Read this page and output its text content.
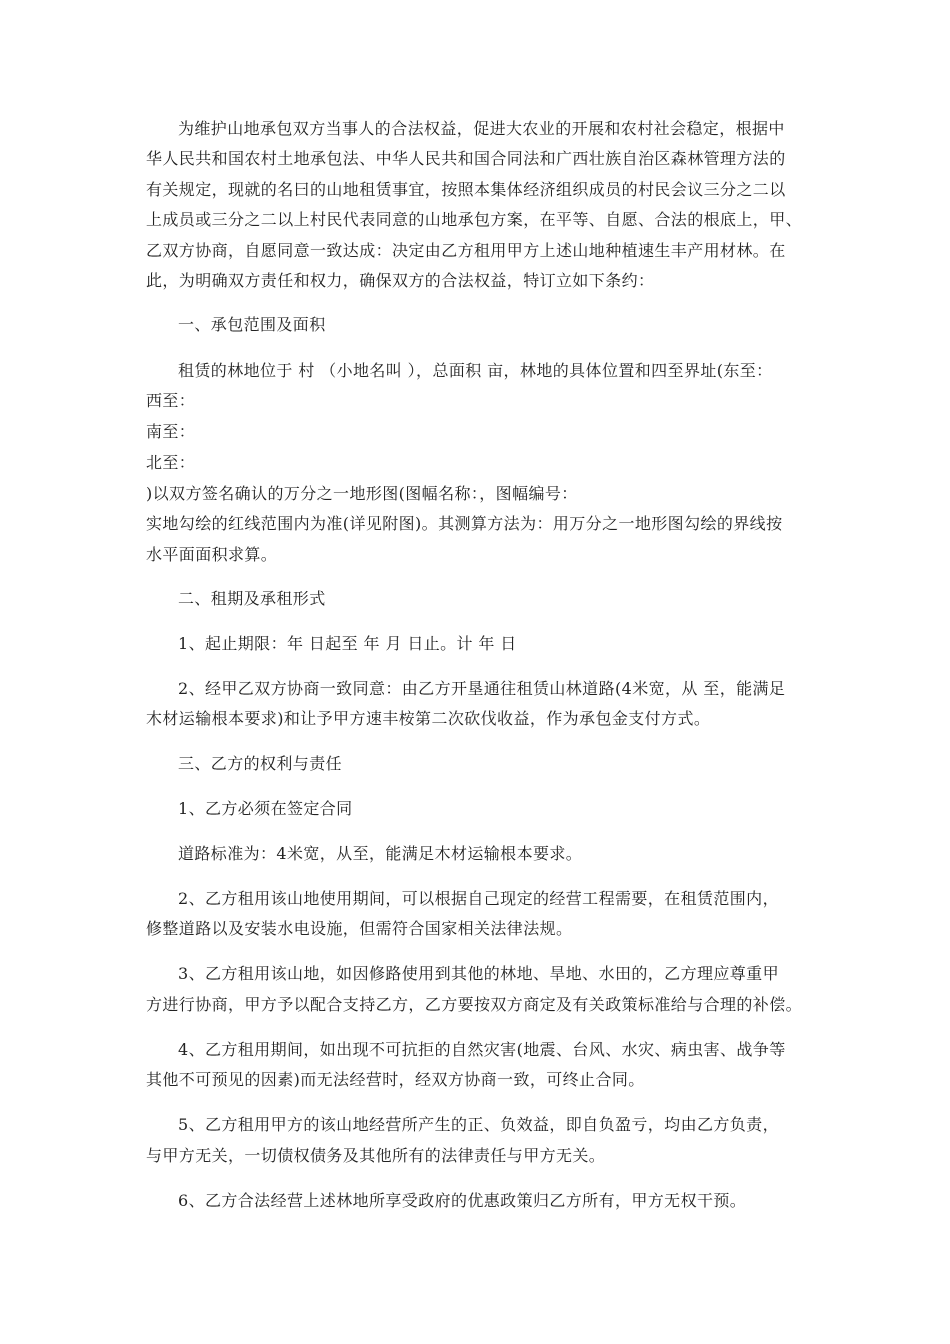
为维护山地承包双方当事人的合法权益，促进大农业的开展和农村社会稳定，根据中
华人民共和国农村土地承包法、中华人民共和国合同法和广西壮族自治区森林管理方法的
有关规定，现就的名曰的山地租赁事宜，按照本集体经济组织成员的村民会议三分之二以
上成员或三分之二以上村民代表同意的山地承包方案，在平等、自愿、合法的根底上，甲、
乙双方协商，自愿同意一致达成：决定由乙方租用甲方上述山地种植速生丰产用材林。在
此，为明确双方责任和权力，确保双方的合法权益，特订立如下条约：
一、承包范围及面积
租赁的林地位于 村 （小地名叫 ），总面积 亩，林地的具体位置和四至界址(东至：
西至：
南至：
北至：
)以双方签名确认的万分之一地形图(图幅名称：，图幅编号：
实地勾绘的红线范围内为准(详见附图)。其测算方法为：用万分之一地形图勾绘的界线按
水平面面积求算。
二、租期及承租形式
1、起止期限：年 日起至 年 月 日止。计 年 日
2、经甲乙双方协商一致同意：由乙方开垦通往租赁山林道路(4米宽，从 至，能满足
木材运输根本要求)和让予甲方速丰桉第二次砍伐收益，作为承包金支付方式。
三、乙方的权利与责任
1、乙方必须在签定合同
道路标准为：4米宽，从至，能满足木材运输根本要求。
2、乙方租用该山地使用期间，可以根据自己现定的经营工程需要，在租赁范围内，
修整道路以及安装水电设施，但需符合国家相关法律法规。
3、乙方租用该山地，如因修路使用到其他的林地、旱地、水田的，乙方理应尊重甲
方进行协商，甲方予以配合支持乙方，乙方要按双方商定及有关政策标准给与合理的补偿。
4、乙方租用期间，如出现不可抗拒的自然灾害(地震、台风、水灾、病虫害、战争等
其他不可预见的因素)而无法经营时，经双方协商一致，可终止合同。
5、乙方租用甲方的该山地经营所产生的正、负效益，即自负盈亏，均由乙方负责，
与甲方无关，一切债权债务及其他所有的法律责任与甲方无关。
6、乙方合法经营上述林地所享受政府的优惠政策归乙方所有，甲方无权干预。
